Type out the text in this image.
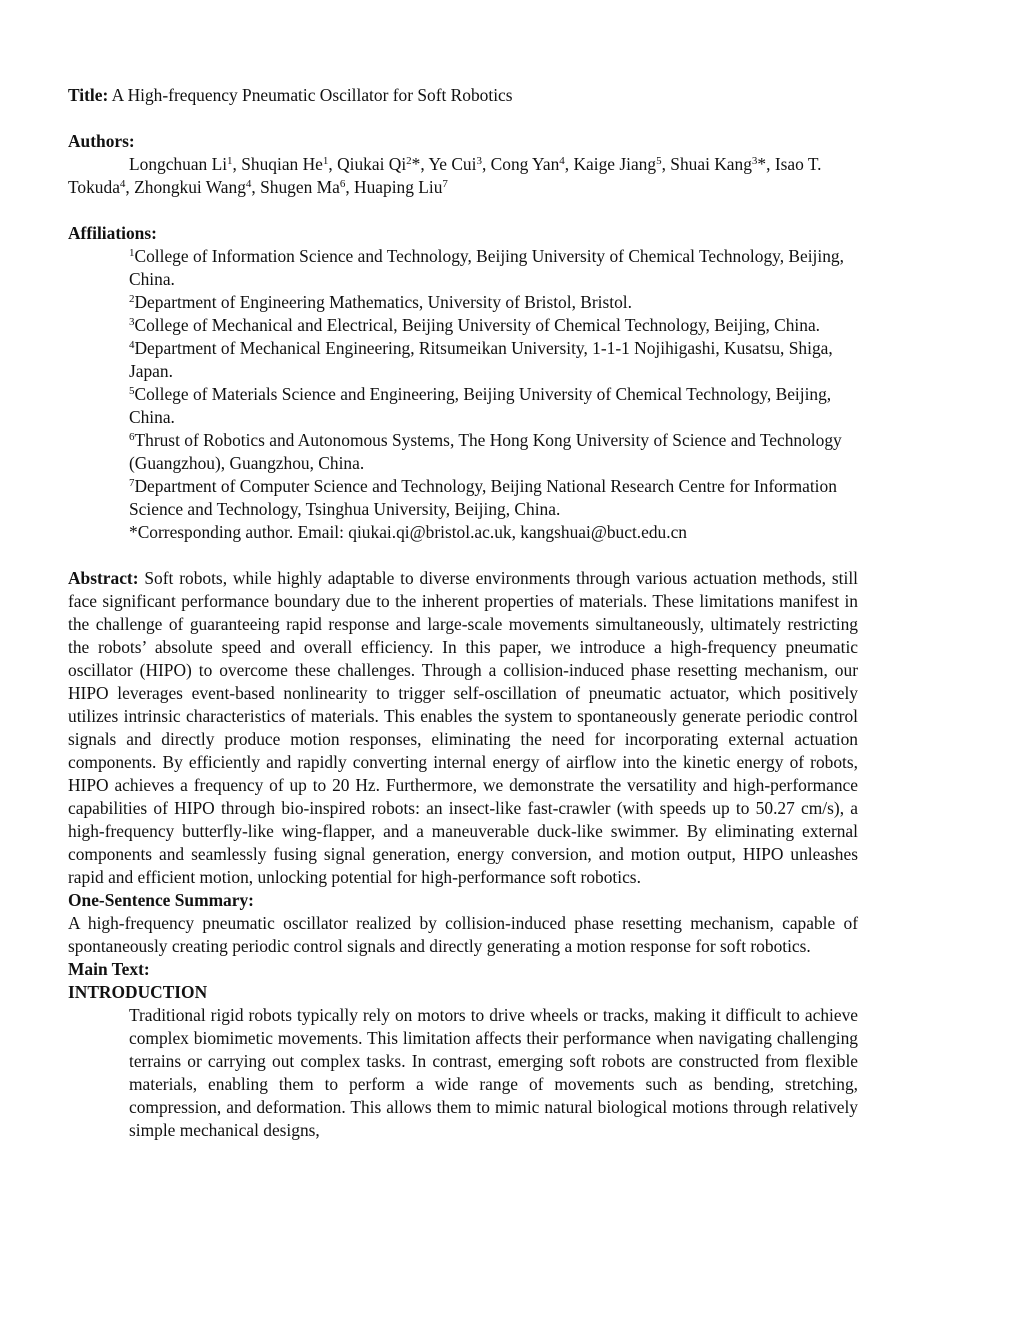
Title: A High-frequency Pneumatic Oscillator for Soft Robotics

Authors:

Longchuan Li$^1$, Shuqian He$^1$, Qiukai Qi$^2$*, Ye Cui$^3$, Cong Yan$^4$, Kaige Jiang$^5$, Shuai Kang$^3$*, Isao T. Tokuda$^4$, Zhongkui Wang$^4$, Shugen Ma$^6$, Huaping Liu$^7$

Affiliations:

$^1$College of Information Science and Technology, Beijing University of Chemical Technology, Beijing, China.

$^2$Department of Engineering Mathematics, University of Bristol, Bristol.

$^3$College of Mechanical and Electrical, Beijing University of Chemical Technology, Beijing, China.

$^4$Department of Mechanical Engineering, Ritsumeikan University, 1-1-1 Nojihigashi, Kusatsu, Shiga, Japan.

$^5$College of Materials Science and Engineering, Beijing University of Chemical Technology, Beijing, China.

$^6$Thrust of Robotics and Autonomous Systems, The Hong Kong University of Science and Technology (Guangzhou), Guangzhou, China.

$^7$Department of Computer Science and Technology, Beijing National Research Centre for Information Science and Technology, Tsinghua University, Beijing, China.

*Corresponding author. Email: qiukai.qi@bristol.ac.uk, kangshuai@buct.edu.cn

Abstract: Soft robots, while highly adaptable to diverse environments through various actuation methods, still face significant performance boundary due to the inherent properties of materials. These limitations manifest in the challenge of guaranteeing rapid response and large-scale movements simultaneously, ultimately restricting the robots’ absolute speed and overall efficiency. In this paper, we introduce a high-frequency pneumatic oscillator (HIPO) to overcome these challenges. Through a collision-induced phase resetting mechanism, our HIPO leverages event-based nonlinearity to trigger self-oscillation of pneumatic actuator, which positively utilizes intrinsic characteristics of materials. This enables the system to spontaneously generate periodic control signals and directly produce motion responses, eliminating the need for incorporating external actuation components. By efficiently and rapidly converting internal energy of airflow into the kinetic energy of robots, HIPO achieves a frequency of up to 20 Hz. Furthermore, we demonstrate the versatility and high-performance capabilities of HIPO through bio-inspired robots: an insect-like fast-crawler (with speeds up to 50.27 cm/s), a high-frequency butterfly-like wing-flapper, and a maneuverable duck-like swimmer. By eliminating external components and seamlessly fusing signal generation, energy conversion, and motion output, HIPO unleashes rapid and efficient motion, unlocking potential for high-performance soft robotics.

One-Sentence Summary:

A high-frequency pneumatic oscillator realized by collision-induced phase resetting mechanism, capable of spontaneously creating periodic control signals and directly generating a motion response for soft robotics.

Main Text:

INTRODUCTION

Traditional rigid robots typically rely on motors to drive wheels or tracks, making it difficult to achieve complex biomimetic movements. This limitation affects their performance when navigating challenging terrains or carrying out complex tasks. In contrast, emerging soft robots are constructed from flexible materials, enabling them to perform a wide range of movements such as bending, stretching, compression, and deformation. This allows them to mimic natural biological motions through relatively simple mechanical designs,
